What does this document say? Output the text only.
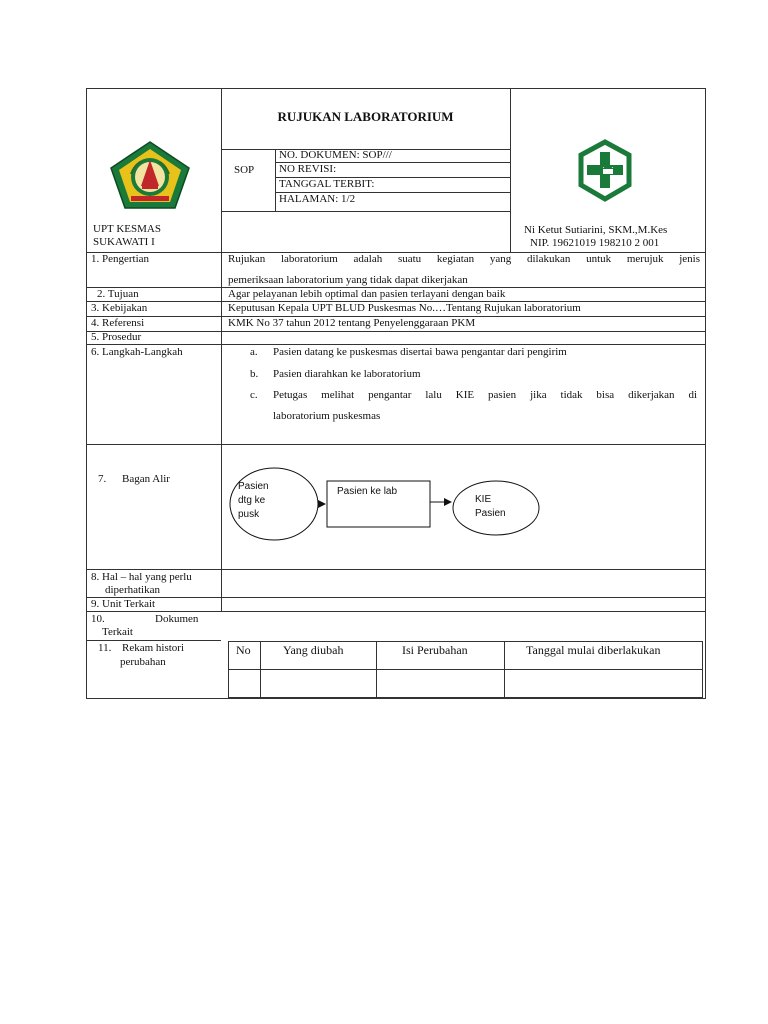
RUJUKAN LABORATORIUM
SOP
NO. DOKUMEN: SOP///
NO REVISI:
TANGGAL TERBIT:
HALAMAN: 1/2
UPT KESMAS
SUKAWATI I
Ni Ketut Sutiarini, SKM.,M.Kes
NIP. 19621019 198210 2 001
1. Pengertian	Rujukan laboratorium adalah suatu kegiatan yang dilakukan untuk merujuk jenis
pemeriksaan laboratorium yang tidak dapat dikerjakan
2. Tujuan	Agar pelayanan lebih optimal dan pasien terlayani dengan baik
3. Kebijakan	Keputusan Kepala UPT BLUD Puskesmas No.…Tentang Rujukan laboratorium
4. Referensi	KMK No 37 tahun 2012 tentang Penyelenggaraan PKM
5. Prosedur
6. Langkah-Langkah	a. Pasien datang ke puskesmas disertai bawa pengantar dari pengirim
b. Pasien diarahkan ke laboratorium
c. Petugas melihat pengantar lalu KIE pasien jika tidak bisa dikerjakan di
laboratorium puskesmas
7. Bagan Alir
Pasien
dtg ke
pusk
Pasien ke lab
KIE
Pasien
8. Hal – hal yang perlu
diperhatikan
9. Unit Terkait
10.	Dokumen
Terkait
11. Rekam histori
perubahan
No	Yang diubah	Isi Perubahan	Tanggal mulai diberlakukan
